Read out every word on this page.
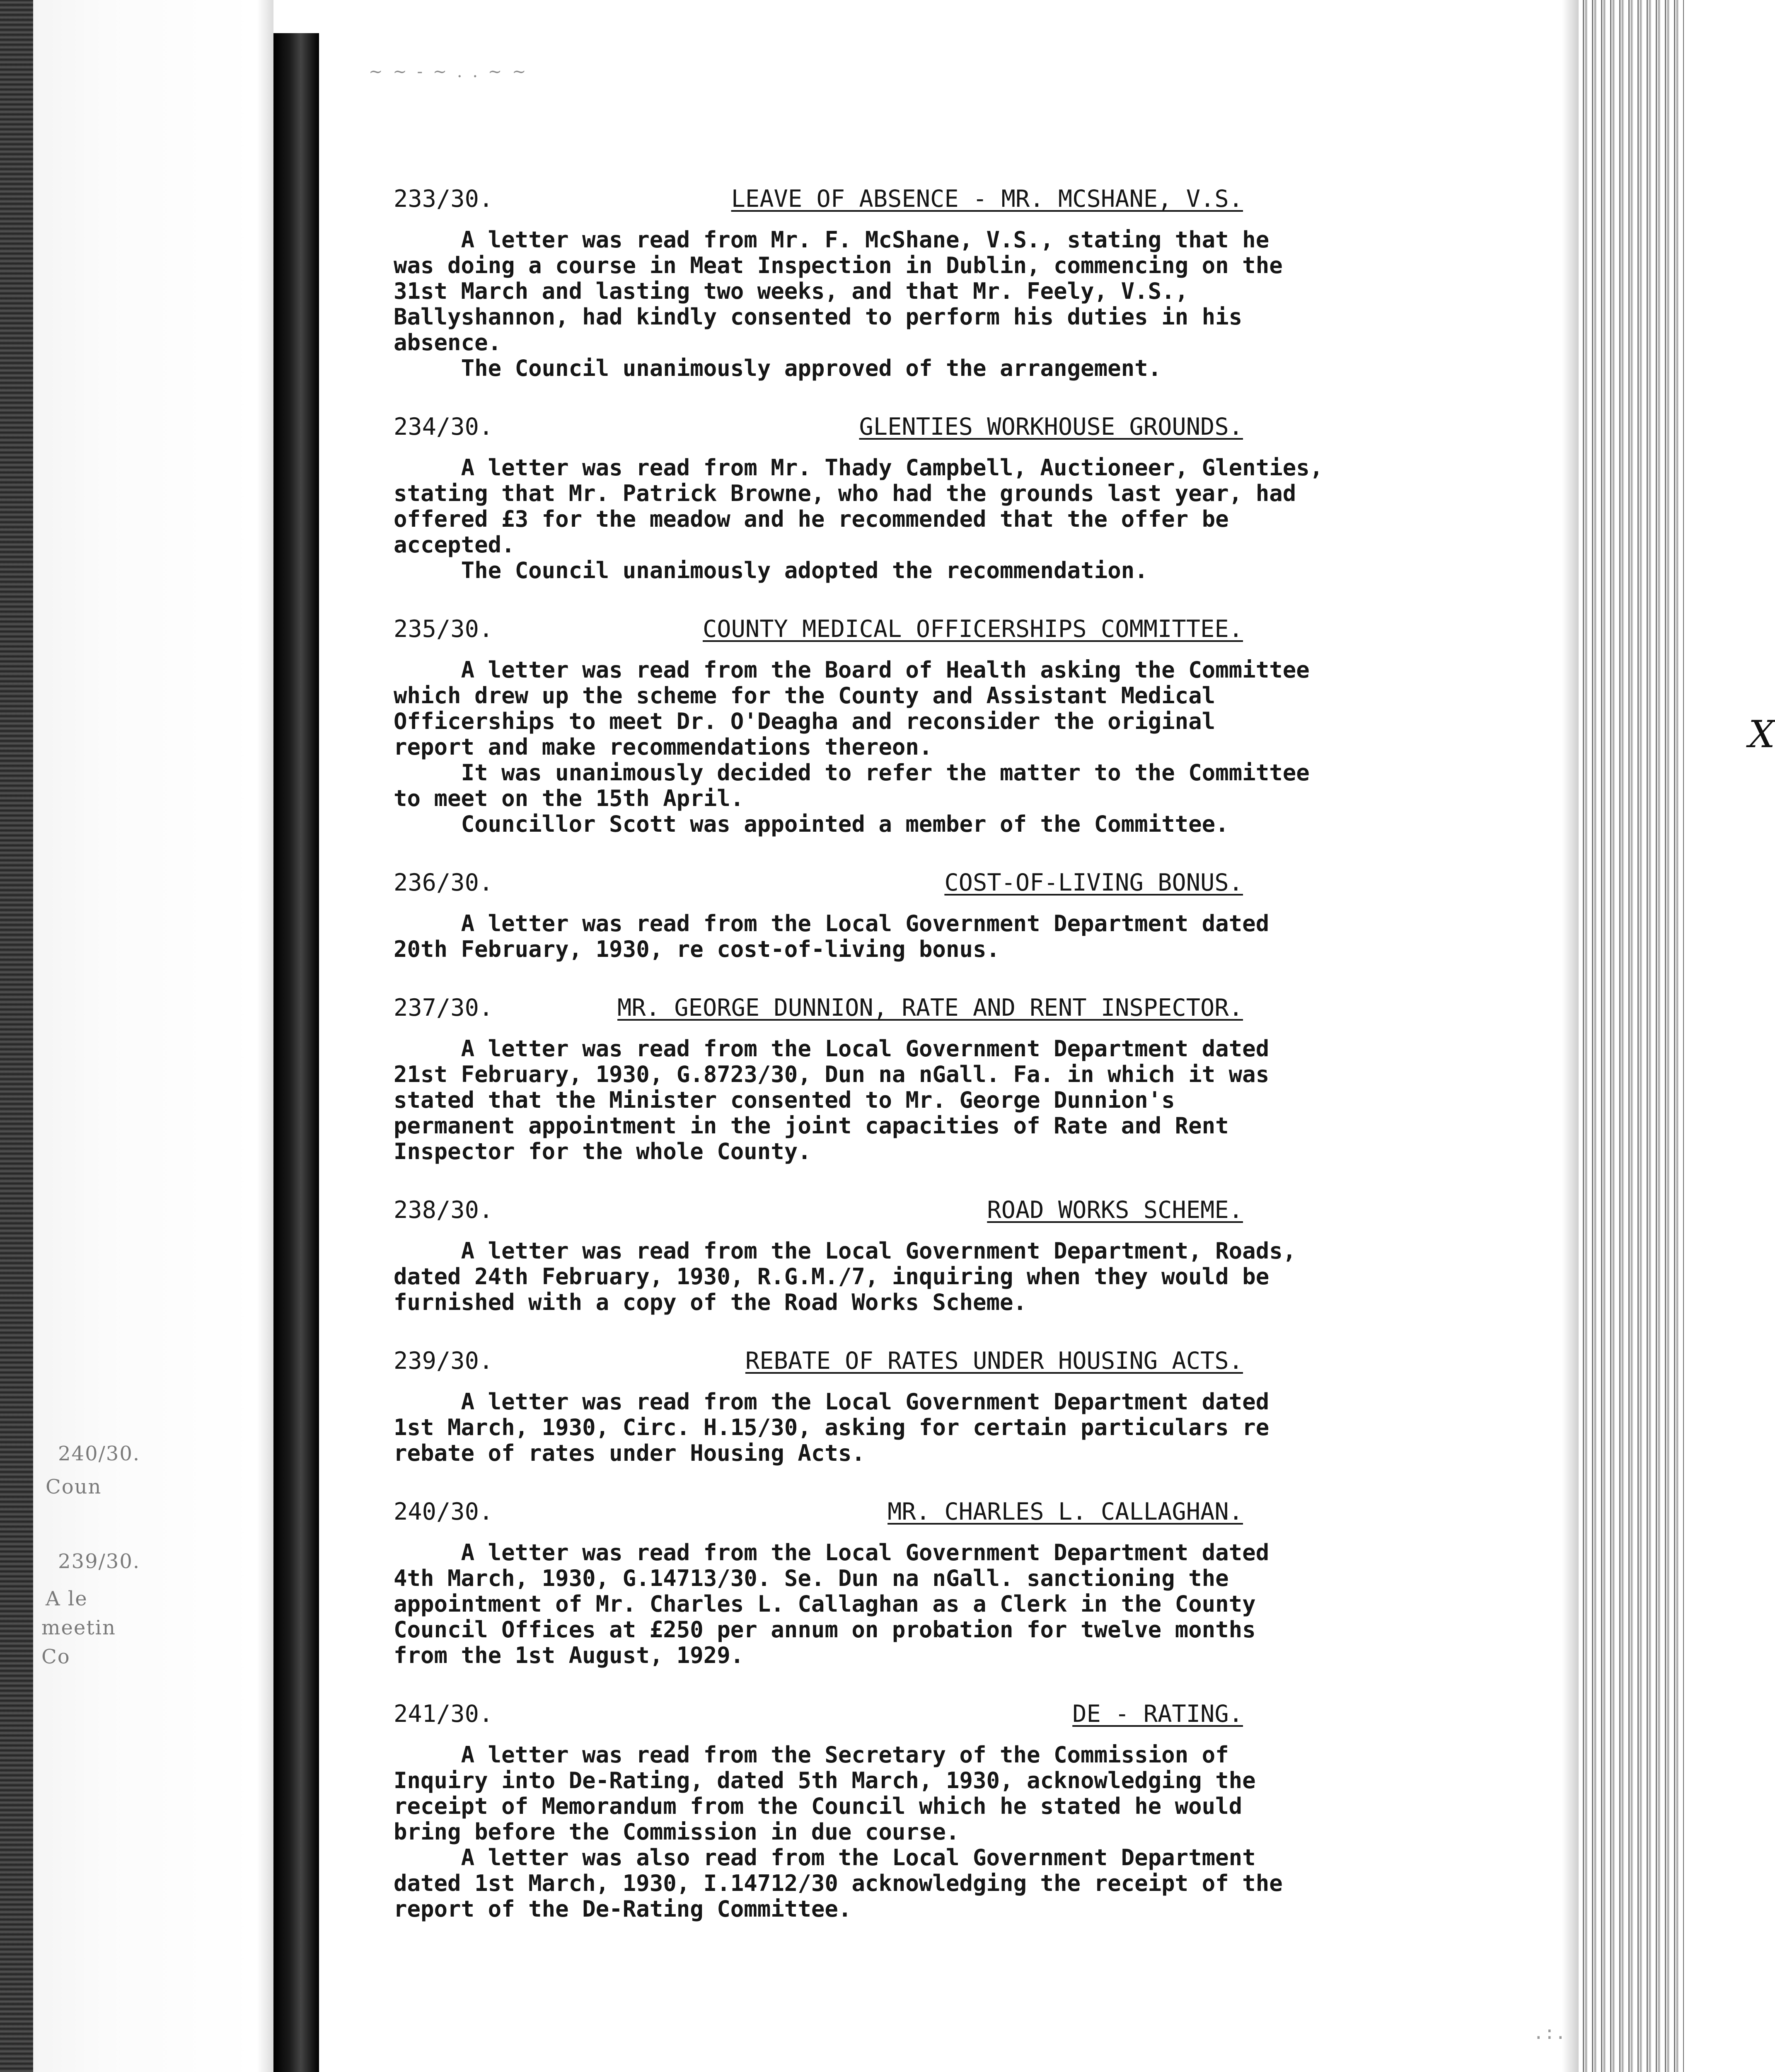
240/30.
Coun
239/30.
A le
meetin
Co
~ ~ - ~ . . ~ ~
233/30.	LEAVE OF ABSENCE - MR. MCSHANE, V.S.

A letter was read from Mr. F. McShane, V.S., stating that he
was doing a course in Meat Inspection in Dublin, commencing on the
31st March and lasting two weeks, and that Mr. Feely, V.S.,
Ballyshannon, had kindly consented to perform his duties in his
absence.
The Council unanimously approved of the arrangement.

234/30.	GLENTIES WORKHOUSE GROUNDS.

A letter was read from Mr. Thady Campbell, Auctioneer, Glenties,
stating that Mr. Patrick Browne, who had the grounds last year, had
offered £3 for the meadow and he recommended that the offer be
accepted.
The Council unanimously adopted the recommendation.

235/30.	COUNTY MEDICAL OFFICERSHIPS COMMITTEE.

A letter was read from the Board of Health asking the Committee
which drew up the scheme for the County and Assistant Medical
Officerships to meet Dr. O'Deagha and reconsider the original
report and make recommendations thereon.
It was unanimously decided to refer the matter to the Committee
to meet on the 15th April.
Councillor Scott was appointed a member of the Committee.

236/30.	COST-OF-LIVING BONUS.

A letter was read from the Local Government Department dated
20th February, 1930, re cost-of-living bonus.

237/30.	MR. GEORGE DUNNION, RATE AND RENT INSPECTOR.

A letter was read from the Local Government Department dated
21st February, 1930, G.8723/30, Dun na nGall. Fa. in which it was
stated that the Minister consented to Mr. George Dunnion's
permanent appointment in the joint capacities of Rate and Rent
Inspector for the whole County.

238/30.	ROAD WORKS SCHEME.

A letter was read from the Local Government Department, Roads,
dated 24th February, 1930, R.G.M./7, inquiring when they would be
furnished with a copy of the Road Works Scheme.

239/30.	REBATE OF RATES UNDER HOUSING ACTS.

A letter was read from the Local Government Department dated
1st March, 1930, Circ. H.15/30, asking for certain particulars re
rebate of rates under Housing Acts.

240/30.	MR. CHARLES L. CALLAGHAN.

A letter was read from the Local Government Department dated
4th March, 1930, G.14713/30. Se. Dun na nGall. sanctioning the
appointment of Mr. Charles L. Callaghan as a Clerk in the County
Council Offices at £250 per annum on probation for twelve months
from the 1st August, 1929.

241/30.	DE - RATING.

A letter was read from the Secretary of the Commission of
Inquiry into De-Rating, dated 5th March, 1930, acknowledging the
receipt of Memorandum from the Council which he stated he would
bring before the Commission in due course.
A letter was also read from the Local Government Department
dated 1st March, 1930, I.14712/30 acknowledging the receipt of the
report of the De-Rating Committee.

X
.:.
